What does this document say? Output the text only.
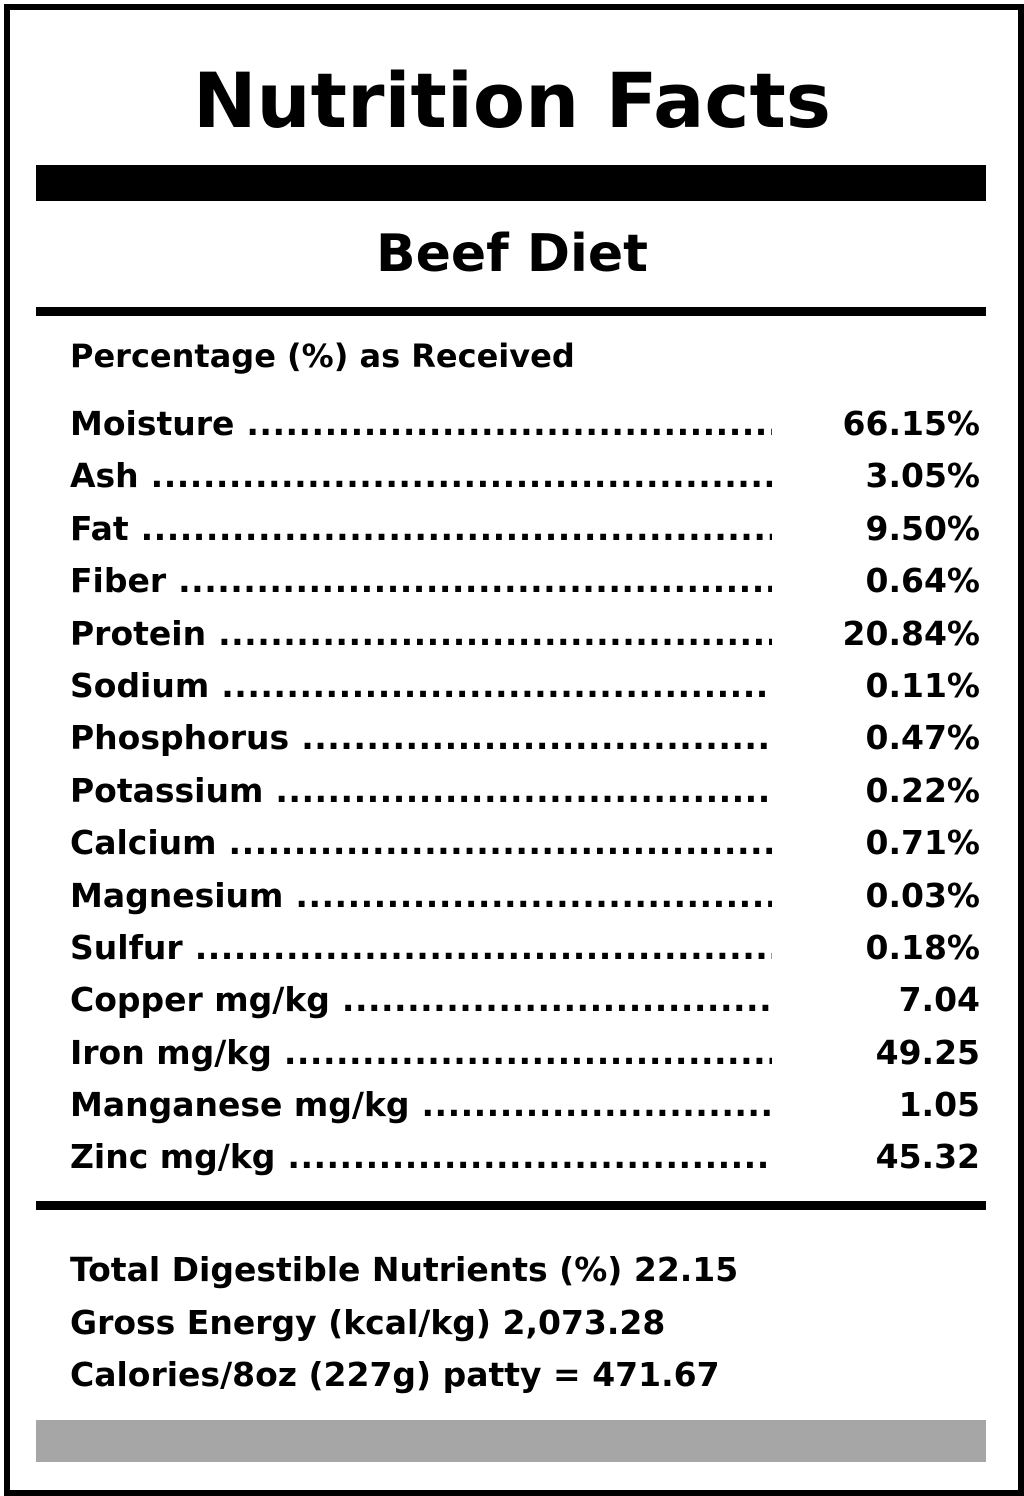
Nutrition Facts
Beef Diet
Percentage (%) as Received
Moisture .....	66.15%
Ash .....	3.05%
Fat .....	9.50%
Fiber .....	0.64%
Protein .....	20.84%
Sodium .....	0.11%
Phosphorus .....	0.47%
Potassium .....	0.22%
Calcium .....	0.71%
Magnesium .....	0.03%
Sulfur .....	0.18%
Copper mg/kg .....	7.04
Iron mg/kg .....	49.25
Manganese mg/kg .....	1.05
Zinc mg/kg .....	45.32
Total Digestible Nutrients (%) 22.15
Gross Energy (kcal/kg) 2,073.28
Calories/8oz (227g) patty = 471.67
